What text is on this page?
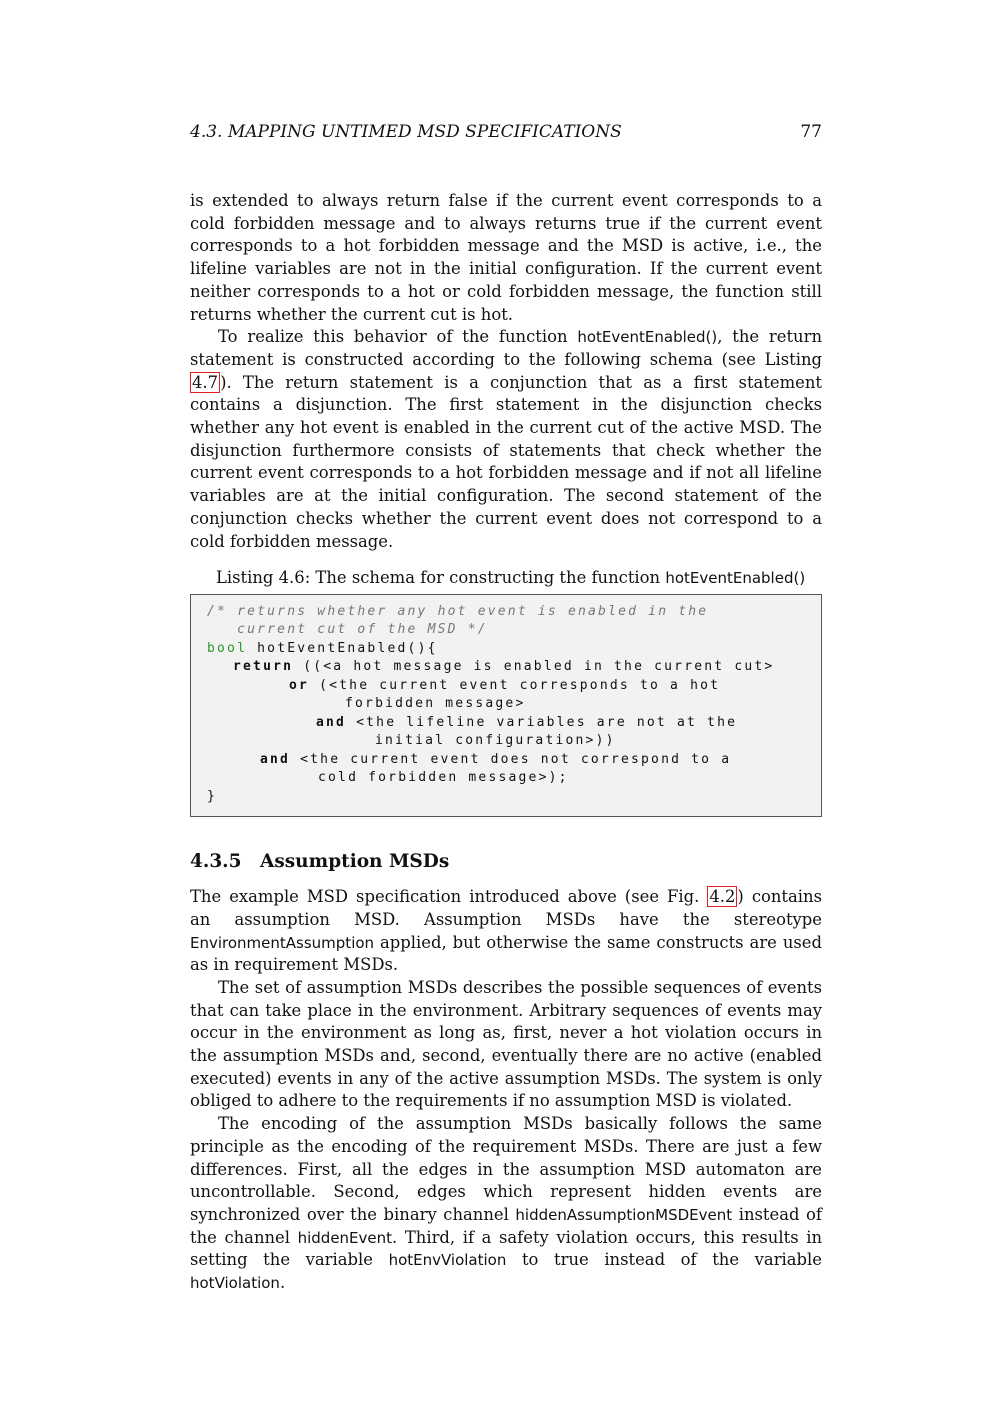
4.3. MAPPING UNTIMED MSD SPECIFICATIONS	77

is extended to always return false if the current event corresponds to a cold forbidden message and to always returns true if the current event corresponds to a hot forbidden message and the MSD is active, i.e., the lifeline variables are not in the initial configuration. If the current event neither corresponds to a hot or cold forbidden message, the function still returns whether the current cut is hot.

To realize this behavior of the function hotEventEnabled(), the return statement is constructed according to the following schema (see Listing 4.7 ). The return statement is a conjunction that as a first statement contains a disjunction. The first statement in the disjunction checks whether any hot event is enabled in the current cut of the active MSD. The disjunction furthermore consists of statements that check whether the current event corresponds to a hot forbidden message and if not all lifeline variables are at the initial configuration. The second statement of the conjunction checks whether the current event does not correspond to a cold forbidden message.

Listing 4.6: The schema for constructing the function hotEventEnabled()
/* returns whether any hot event is enabled in the
current cut of the MSD */
bool hotEventEnabled(){
return ((<a hot message is enabled in the current cut>
or (<the current event corresponds to a hot
forbidden message>
and <the lifeline variables are not at the
initial configuration>))
and <the current event does not correspond to a
cold forbidden message>);
}
4.3.5 Assumption MSDs

The example MSD specification introduced above (see Fig. 4.2 ) contains an assumption MSD. Assumption MSDs have the stereotype EnvironmentAssumption applied, but otherwise the same constructs are used as in requirement MSDs.

The set of assumption MSDs describes the possible sequences of events that can take place in the environment. Arbitrary sequences of events may occur in the environment as long as, first, never a hot violation occurs in the assumption MSDs and, second, eventually there are no active (enabled executed) events in any of the active assumption MSDs. The system is only obliged to adhere to the requirements if no assumption MSD is violated.

The encoding of the assumption MSDs basically follows the same principle as the encoding of the requirement MSDs. There are just a few differences. First, all the edges in the assumption MSD automaton are uncontrollable. Second, edges which represent hidden events are synchronized over the binary channel hiddenAssumptionMSDEvent instead of the channel hiddenEvent. Third, if a safety violation occurs, this results in setting the variable hotEnvViolation to true instead of the variable hotViolation.
